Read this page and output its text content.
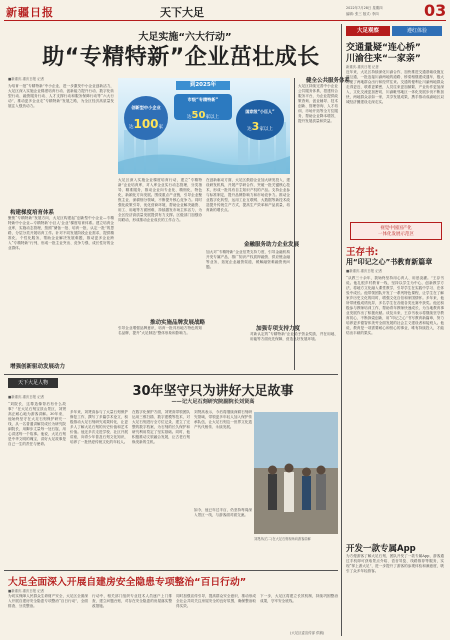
新疆日报	天下大足	2022年7月28日 星期四
编辑: 张三 版式: 李四	03
大足实施“六大行动”
助“专精特新”企业茁壮成长
■新重庆-重庆日报 记者
为培育一批“专精特新”中小企业，进一步激发中小企业创新活力，大足区深入实施企业梯度培育行动、创新能力提升行动、数字化转型行动、融资服务行动、人才支撑行动和服务保障行动等“六大行动”，推动更多企业走“专精特新”发展之路，为全区经济高质量发展注入强劲动力。
到2025年
创新型中小企业
达100家
市级“专精特新”
达50家以上
国家级“小巨人”
达3家以上
大足区深入实施企业梯度培育行动，建立“专精特新”企业培育库，对入库企业实行动态管理，分类指导、精准服务，推动企业向专业化、精细化、特色化、新颖化方向发展。围绕重点产业链，引导企业聚焦主业、深耕细分领域，不断提升核心竞争力。同时强化政策引导，优化营商环境，帮助企业解决融资、用工、用地等方面困难，持续激发市场主体活力，为全区经济高质量发展提供有力支撑。区级部门加强协同联动，形成推动企业成长的工作合力。
在创新驱动方面，大足区鼓励企业加大研发投入，建设研发机构，开展产学研合作，突破一批关键核心技术，形成一批具有自主知识产权的产品。支持企业参与标准制定，提升品牌影响力和市场竞争力。推动企业数字化转型，运用工业互联网、大数据等新技术改造提升传统生产方式，提高生产效率和产品质量，培育新的增长点。
构建梯度培育体系
聚焦“专精特新”发展方向，大足区构建起“创新型中小企业—专精特新中小企业—专精特新‘小巨人’企业”梯度培育体系。建立培育企业库，实施动态管理，按照“储备一批、培育一批、认定一批”的思路，分层分类开展培育工作。针对不同发展阶段企业需求，提供精准化、个性化服务，帮助企业解决发展难题，推动更多企业跨入“专精特新”行列，形成一批主业突出、竞争力强、成长性好的企业群体。
增强创新驱动发展动力
健全公共服务体系
大足区持续完善中小企业公共服务体系，搭建综合服务平台，为企业提供政策咨询、创业辅导、技术创新、管理咨询、人才培训、市场开拓等全方位服务，帮助企业降本增效，提升发展质量和效益。
金融服务助力企业发展
推动实施品牌发展战略
加强专项支持力度
加大对“专精特新”企业信贷支持力度，引导金融机构开发专属产品，推广知识产权质押融资、供应链金融等业务，拓宽企业融资渠道，缓解融资难融资贵问题。
引导企业增强品牌意识，培育一批具有地方特色的知名品牌，提升“大足制造”整体形象和影响力。	对新认定的“专精特新”企业给予资金奖励，并在用地、用能等方面优先保障，营造良好发展环境。
大足观察	遵红体验
交通量疑“连心桥”
川渝往来“一家亲”
新重庆-重庆日报 记者
近年来，大足区持续深化川渝合作，加快推进交通基础设施互联互通，一批连接川渝两地的道路、桥梁相继建成通车，极大方便了两地群众出行和经贸往来。交通的便利让川渝两地群众走得更近、联系更紧密，人员往来更加频繁，产业协作更加深入，文化交流更加密切，川渝毗邻地区一体化发展步伐不断加快，两地群众亲如一家，共享发展成果，携手推动成渝地区双城经济圈建设走深走实。
视觉中国国产化
一体化发展示范区
王存书:
用“印记之心”书教育新篇章
■新重庆-重庆日报 记者
“从教三十余年，我始终坚持用心育人、用爱浇灌。”王存书说。他扎根乡村教育一线，坚持以学生为中心，创新教学方法，将地方文化融入课堂教学，引导学生在实践中学习、在体验中成长。他带领团队开发了一系列特色课程，让学生在了解家乡历史文化的同时，增强文化自信和家国情怀。多年来，他所带班级成绩优异，多名学生在各级各类比赛中获奖。他还积极参与教师培训工作，帮助青年教师快速成长，为当地教育事业发展作出了积极贡献。谈及未来，王存书表示将继续坚守教育初心，不断探索创新，用“印记之心”书写教育新篇章，努力培养更多德智体美劳全面发展的社会主义建设者和接班人。他说，教育是一项需要耐心和恒心的事业，唯有持续投入，才能结出丰硕的果实。
开发一款专属App
为方便游客了解大足石刻，团队开发了一款专属App，游客通过手机即可获取景点介绍、语音导览、线路推荐等服务，实现“掌上游大足”，进一步提升了游客的参观体验和满意度，吸引了众多年轻游客。
天下大足人物
30年坚守只为讲好大足故事
——记大足石刻研究院副院长刘贤高
■新重庆-重庆日报 记者
“刘院长，这尊造像背后有什么故事？”在大足石刻宝顶山景区，刘贤高正耐心地为游客讲解。30年来，他始终坚守在大足石刻保护研究一线，从一名普通讲解员成长为研究院副院长，用脚步丈量每一处石窟，用心讲述每一个故事。他说，大足石刻是中华文明的瑰宝，讲好大足故事是自己一生的责任与使命。
多年来，刘贤高参与了大量石刻保护修复工作，撰写了多篇学术论文，积极推动大足石刻研究成果转化，让更多人了解大足石刻的历史价值和艺术价值。他还多次走进学校、社区开展讲座，向青少年普及石刻文化知识，培养了一批热爱传统文化的年轻人。
在数字化保护方面，刘贤高带领团队运用三维扫描、数字建模等技术，对大足石刻进行全方位记录，建立了完整的数字档案，为石刻的长久保护和研究利用奠定了坚实基础。同时，他积极推动文旅融合发展，让古老石刻焕发新的生机。
刘贤高表示，今后将继续深耕石刻研究领域，带领更多年轻人加入保护传承队伍，让大足石刻这一世界文化遗产代代相传、永续发展。
刘贤高(右二)在大足石刻现场向游客讲解
如今，他已年过半百，仍坚持每周深入景区一线，与游客面对面交流。
大足全面深入开展自建房安全隐患专项整治“百日行动”
■新重庆-重庆日报 记者
为切实保障人民群众生命财产安全，大足区全面深入开展自建房安全隐患专项整治“百日行动”，全面排查、分类整治。
行动中，相关部门组织专业技术人员逐户上门排查，建立问题台账，对存在安全隐患的房屋落实整改措施。
同时加强宣传引导，提高群众安全意识，推动形成全社会共同关注房屋安全的良好氛围，确保整治取得实效。
下一步，大足区将建立长效机制，持续巩固整治成果，守牢安全底线。
(大足区委宣传部 供稿)
